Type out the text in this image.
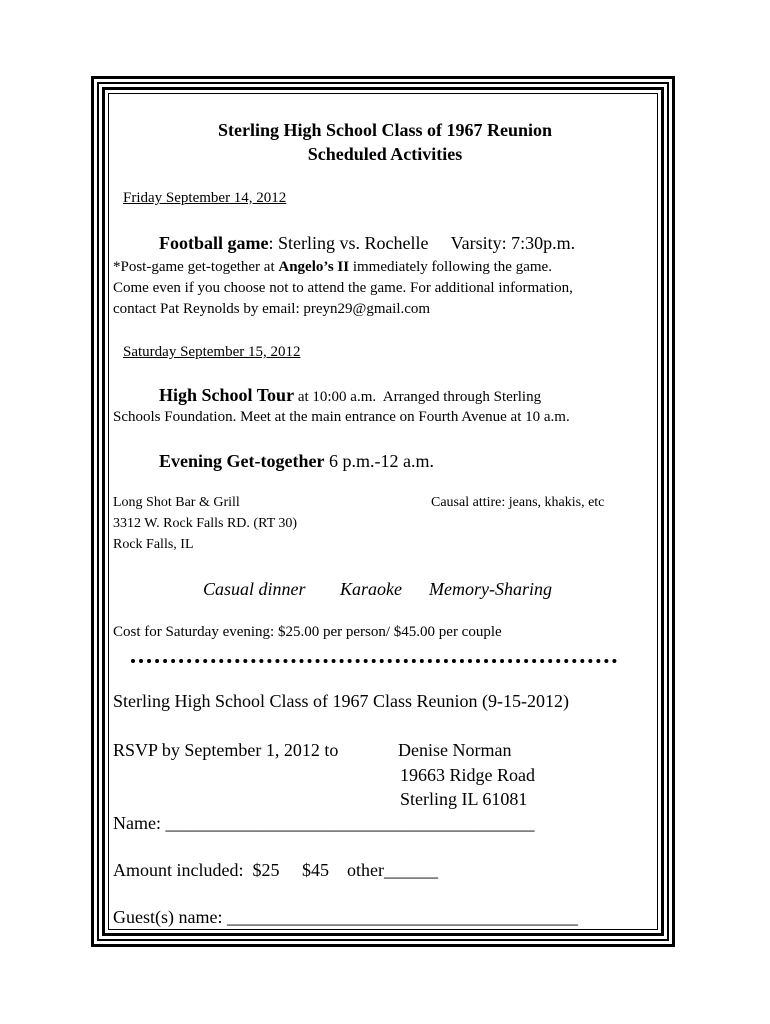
Sterling High School Class of 1967 Reunion
Scheduled Activities
Friday September 14, 2012
Football game: Sterling vs. Rochelle     Varsity: 7:30p.m.
*Post-game get-together at Angelo’s II immediately following the game.
Come even if you choose not to attend the game. For additional information,
contact Pat Reynolds by email: preyn29@gmail.com
Saturday September 15, 2012
High School Tour at 10:00 a.m.  Arranged through Sterling
Schools Foundation. Meet at the main entrance on Fourth Avenue at 10 a.m.
Evening Get-together 6 p.m.-12 a.m.
Long Shot Bar & Grill
3312 W. Rock Falls RD. (RT 30)
Rock Falls, IL
Causal attire: jeans, khakis, etc
Casual dinner Karaoke Memory-Sharing
Cost for Saturday evening: $25.00 per person/ $45.00 per couple
Sterling High School Class of 1967 Class Reunion (9-15-2012)
RSVP by September 1, 2012 to	Denise Norman
19663 Ridge Road
Sterling IL 61081
Name: _________________________________________
Amount included:  $25     $45    other______
Guest(s) name: _______________________________________
